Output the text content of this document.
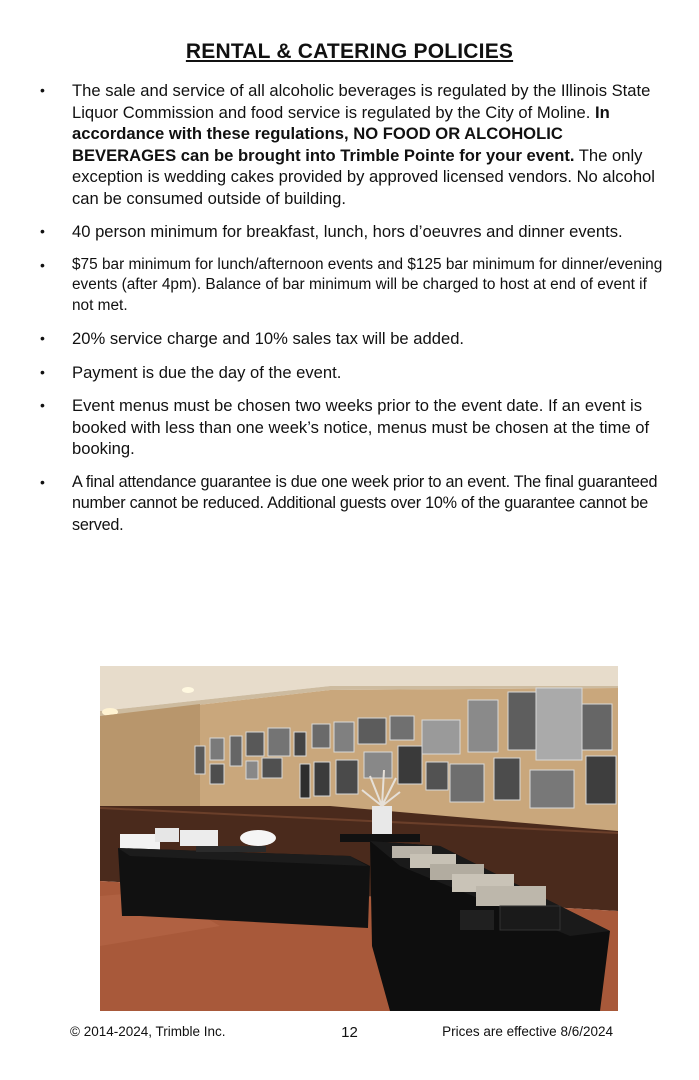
RENTAL & CATERING POLICIES
•
The sale and service of all alcoholic beverages is regulated by the Illinois State Liquor Commission and food service is regulated by the City of Moline. In accordance with these regulations, NO FOOD OR ALCOHOLIC BEVERAGES can be brought into Trimble Pointe for your event. The only exception is wedding cakes provided by approved licensed vendors. No alcohol can be consumed outside of building.
•
40 person minimum for breakfast, lunch, hors d’oeuvres and dinner events.
•
$75 bar minimum for lunch/afternoon events and $125 bar minimum for dinner/evening events (after 4pm). Balance of bar minimum will be charged to host at end of event if not met.
•
20% service charge and 10% sales tax will be added.
•
Payment is due the day of the event.
•
Event menus must be chosen two weeks prior to the event date. If an event is booked with less than one week’s notice, menus must be chosen at the time of booking.
•
A final attendance guarantee is due one week prior to an event. The final guaranteed number cannot be reduced. Additional guests over 10% of the guarantee cannot be served.
© 2014-2024, Trimble Inc.	12	Prices are effective 8/6/2024
